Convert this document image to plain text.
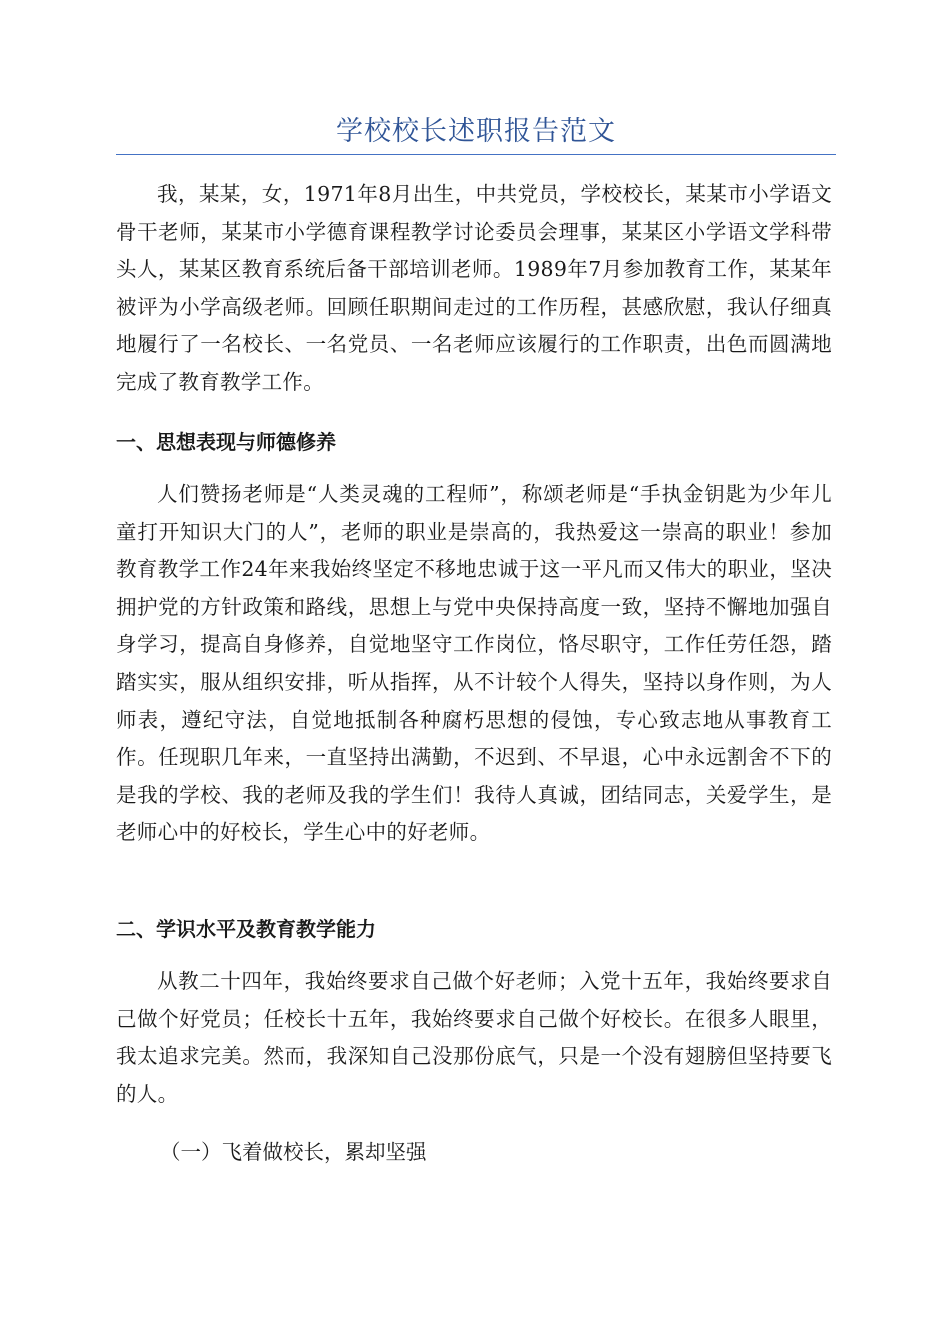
学校校长述职报告范文

我，某某，女，1971年8月出生，中共党员，学校校长，某某市小学语文骨干老师，某某市小学德育课程教学讨论委员会理事，某某区小学语文学科带头人，某某区教育系统后备干部培训老师。1989年7月参加教育工作，某某年被评为小学高级老师。回顾任职期间走过的工作历程，甚感欣慰，我认仔细真地履行了一名校长、一名党员、一名老师应该履行的工作职责，出色而圆满地完成了教育教学工作。

一、思想表现与师德修养

人们赞扬老师是“人类灵魂的工程师”，称颂老师是“手执金钥匙为少年儿童打开知识大门的人”，老师的职业是崇高的，我热爱这一崇高的职业！参加教育教学工作24年来我始终坚定不移地忠诚于这一平凡而又伟大的职业，坚决拥护党的方针政策和路线，思想上与党中央保持高度一致，坚持不懈地加强自身学习，提高自身修养，自觉地坚守工作岗位，恪尽职守，工作任劳任怨，踏踏实实，服从组织安排，听从指挥，从不计较个人得失，坚持以身作则，为人师表，遵纪守法，自觉地抵制各种腐朽思想的侵蚀，专心致志地从事教育工作。任现职几年来，一直坚持出满勤，不迟到、不早退，心中永远割舍不下的是我的学校、我的老师及我的学生们！我待人真诚，团结同志，关爱学生，是老师心中的好校长，学生心中的好老师。

二、学识水平及教育教学能力

从教二十四年，我始终要求自己做个好老师；入党十五年，我始终要求自己做个好党员；任校长十五年，我始终要求自己做个好校长。在很多人眼里，我太追求完美。然而，我深知自己没那份底气，只是一个没有翅膀但坚持要飞的人。

（一）飞着做校长，累却坚强
